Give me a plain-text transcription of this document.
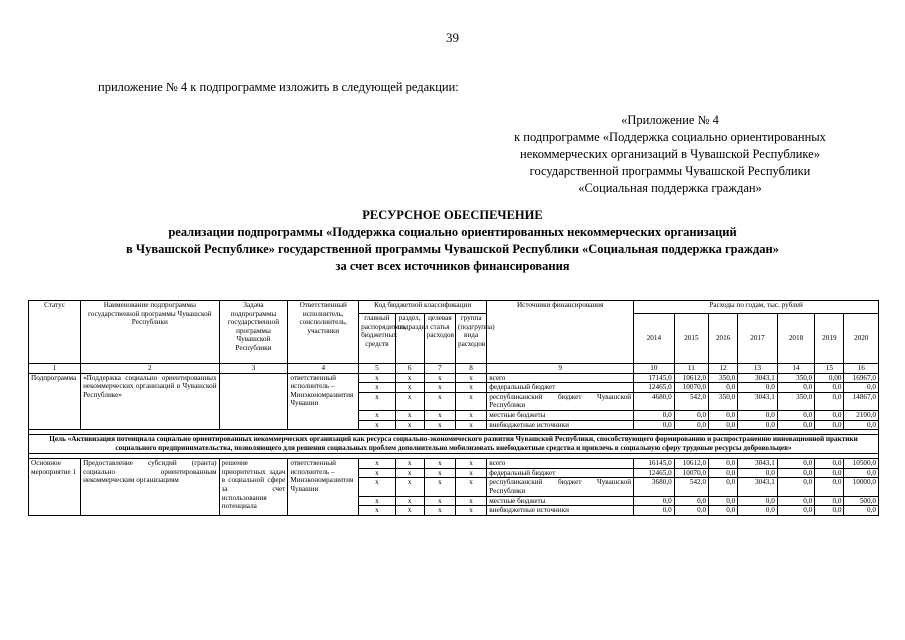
39
приложение № 4 к подпрограмме изложить в следующей редакции:
«Приложение № 4
к подпрограмме «Поддержка социально ориентированных
некоммерческих организаций в Чувашской Республике»
государственной программы Чувашской Республики
«Социальная поддержка граждан»
РЕСУРСНОЕ ОБЕСПЕЧЕНИЕ
реализации подпрограммы «Поддержка социально ориентированных некоммерческих организаций
в Чувашской Республике» государственной программы Чувашской Республики «Социальная поддержка граждан»
за счет всех источников финансирования
Статус	Наименование подпрограммы государственной программы Чувашской Республики	Задача подпрограммы государственной программы Чувашской Республики	Ответственный исполнитель, соисполнитель, участники	Код бюджетной классификации				Источники финансирования	Расходы по годам, тыс. рублей						
				главный распорядитель бюджетных средств	раздел, подраздел	целевая статья расходов	группа (подгруппа) вида расходов		2014	2015	2016	2017	2018	2019	2020

1	2	3	4	5	6	7	8	9	10	11	12	13	14	15	16
Подпрограмма	«Поддержка социально ориентированных некоммерческих организаций в Чувашской Республике»		ответственный исполнитель – Минэкономразвития Чувашии	x	x	x	x	всего	17145,0	10612,0	350,0	3043,1	350,0	0,00	16967,0
				x	x	x	x	федеральный бюджет	12465,0	10070,0	0,0	0,0	0,0	0,0	0,0
				x	x	x	x	республиканский бюджет Чувашской Республики	4680,0	542,0	350,0	3043,1	350,0	0,0	14867,0
				x	x	x	x	местные бюджеты	0,0	0,0	0,0	0,0	0,0	0,0	2100,0
				x	x	x	x	внебюджетные источники	0,0	0,0	0,0	0,0	0,0	0,0	0,0

Цель «Активизация потенциала социально ориентированных некоммерческих организаций как ресурса социально-экономического развития Чувашской Республики, способствующего формированию и распространению инновационной практики социального предпринимательства, позволяющего для решения социальных проблем дополнительно мобилизовать внебюджетные средства и привлечь в социальную сферу трудовые ресурсы добровольцев»															

Основное мероприятие 1	Предоставление субсидий (гранта) социально ориентированным некоммерческим организациям	решение приоритетных задач в социальной сфере за счет использования потенциала	ответственный исполнитель – Минэкономразвития Чувашии	x	x	x	x	всего	16145,0	10612,0	0,0	3043,1	0,0	0,0	10500,0
				x	x	x	x	федеральный бюджет	12465,0	10070,0	0,0	0,0	0,0	0,0	0,0
				x	x	x	x	республиканский бюджет Чувашской Республики	3680,0	542,0	0,0	3043,1	0,0	0,0	10000,0
				x	x	x	x	местные бюджеты	0,0	0,0	0,0	0,0	0,0	0,0	500,0
				x	x	x	x	внебюджетные источники	0,0	0,0	0,0	0,0	0,0	0,0	0,0
